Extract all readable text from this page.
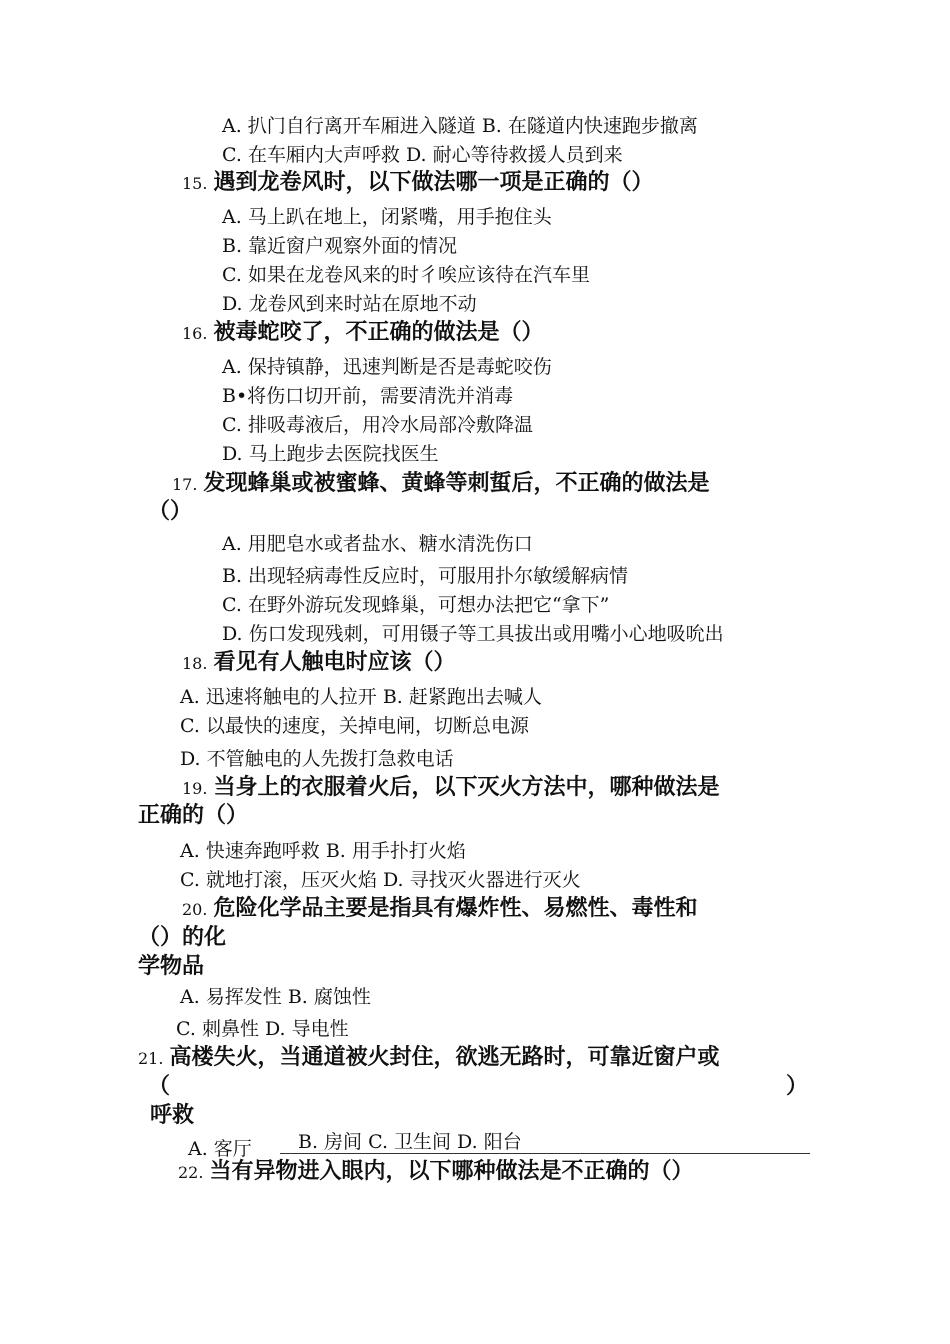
A. 扒门自行离开车厢进入隧道 B. 在隧道内快速跑步撤离
C. 在车厢内大声呼救 D. 耐心等待救援人员到来
15. 遇到龙卷风时，以下做法哪一项是正确的（）
A. 马上趴在地上，闭紧嘴，用手抱住头
B. 靠近窗户观察外面的情况
C. 如果在龙卷风来的时彳唉应该待在汽车里
D. 龙卷风到来时站在原地不动
16. 被毒蛇咬了，不正确的做法是（）
A. 保持镇静，迅速判断是否是毒蛇咬伤
B•将伤口切开前，需要清洗并消毒
C. 排吸毒液后，用冷水局部冷敷降温
D. 马上跑步去医院找医生
17. 发现蜂巢或被蜜蜂、黄蜂等刺蜇后，不正确的做法是
（）
A. 用肥皂水或者盐水、糖水清洗伤口
B. 出现轻病毒性反应时，可服用扑尔敏缓解病情
C. 在野外游玩发现蜂巢，可想办法把它“拿下”
D. 伤口发现残刺，可用镊子等工具拔出或用嘴小心地吸吮出
18. 看见有人触电时应该（）
A. 迅速将触电的人拉开 B. 赶紧跑出去喊人
C. 以最快的速度，关掉电闸，切断总电源
D. 不管触电的人先拨打急救电话
19. 当身上的衣服着火后，以下灭火方法中，哪种做法是
正确的（）
A. 快速奔跑呼救 B. 用手扑打火焰
C. 就地打滚，压灭火焰 D. 寻找灭火器进行灭火
20. 危险化学品主要是指具有爆炸性、易燃性、毒性和
（）的化
学物品
A. 易挥发性 B. 腐蚀性
C. 刺鼻性 D. 导电性
21. 高楼失火，当通道被火封住，欲逃无路时，可靠近窗户或
（	）
呼救
A. 客厅 B. 房间 C. 卫生间 D. 阳台
22. 当有异物进入眼内，以下哪种做法是不正确的（）
